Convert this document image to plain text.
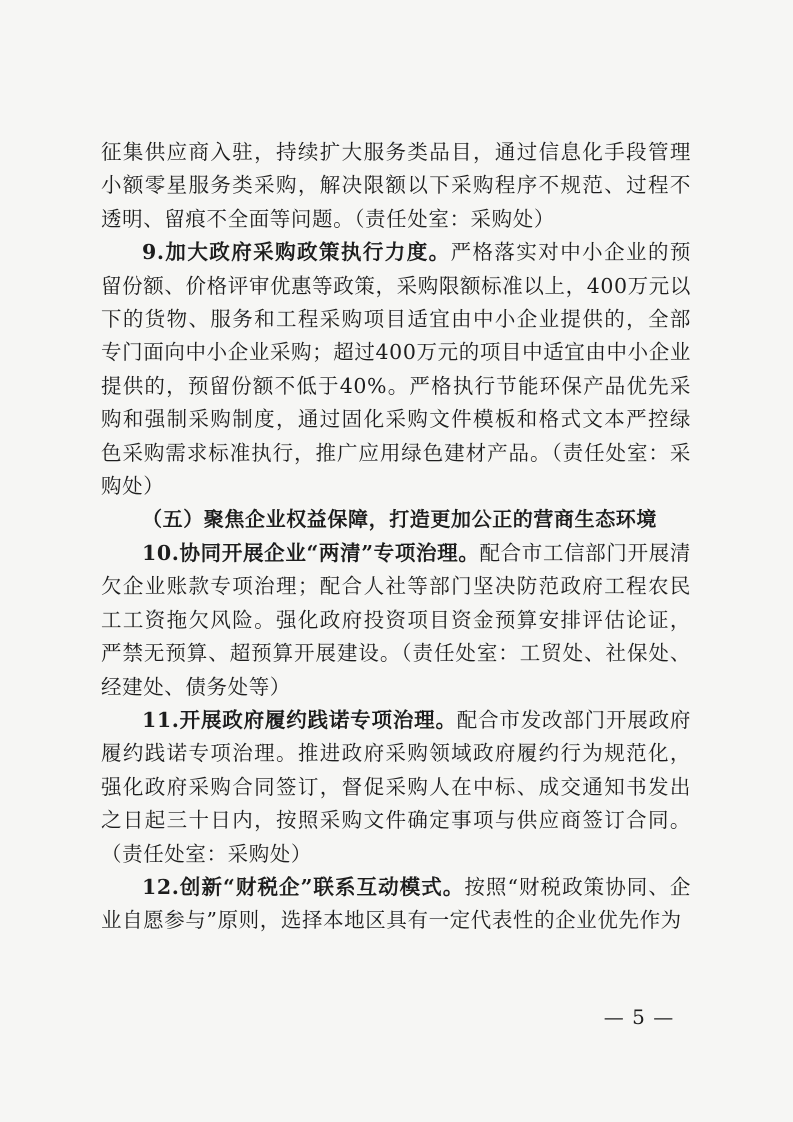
征集供应商入驻，持续扩大服务类品目，通过信息化手段管理小额零星服务类采购，解决限额以下采购程序不规范、过程不透明、留痕不全面等问题。（责任处室：采购处）

9.加大政府采购政策执行力度。严格落实对中小企业的预留份额、价格评审优惠等政策，采购限额标准以上，400万元以下的货物、服务和工程采购项目适宜由中小企业提供的，全部专门面向中小企业采购；超过400万元的项目中适宜由中小企业提供的，预留份额不低于40%。严格执行节能环保产品优先采购和强制采购制度，通过固化采购文件模板和格式文本严控绿色采购需求标准执行，推广应用绿色建材产品。（责任处室：采购处）

（五）聚焦企业权益保障，打造更加公正的营商生态环境

10.协同开展企业“两清”专项治理。配合市工信部门开展清欠企业账款专项治理；配合人社等部门坚决防范政府工程农民工工资拖欠风险。强化政府投资项目资金预算安排评估论证，严禁无预算、超预算开展建设。（责任处室：工贸处、社保处、经建处、债务处等）

11.开展政府履约践诺专项治理。配合市发改部门开展政府履约践诺专项治理。推进政府采购领域政府履约行为规范化，强化政府采购合同签订，督促采购人在中标、成交通知书发出之日起三十日内，按照采购文件确定事项与供应商签订合同。（责任处室：采购处）

12.创新“财税企”联系互动模式。按照“财税政策协同、企业自愿参与”原则，选择本地区具有一定代表性的企业优先作为

— 5 —
